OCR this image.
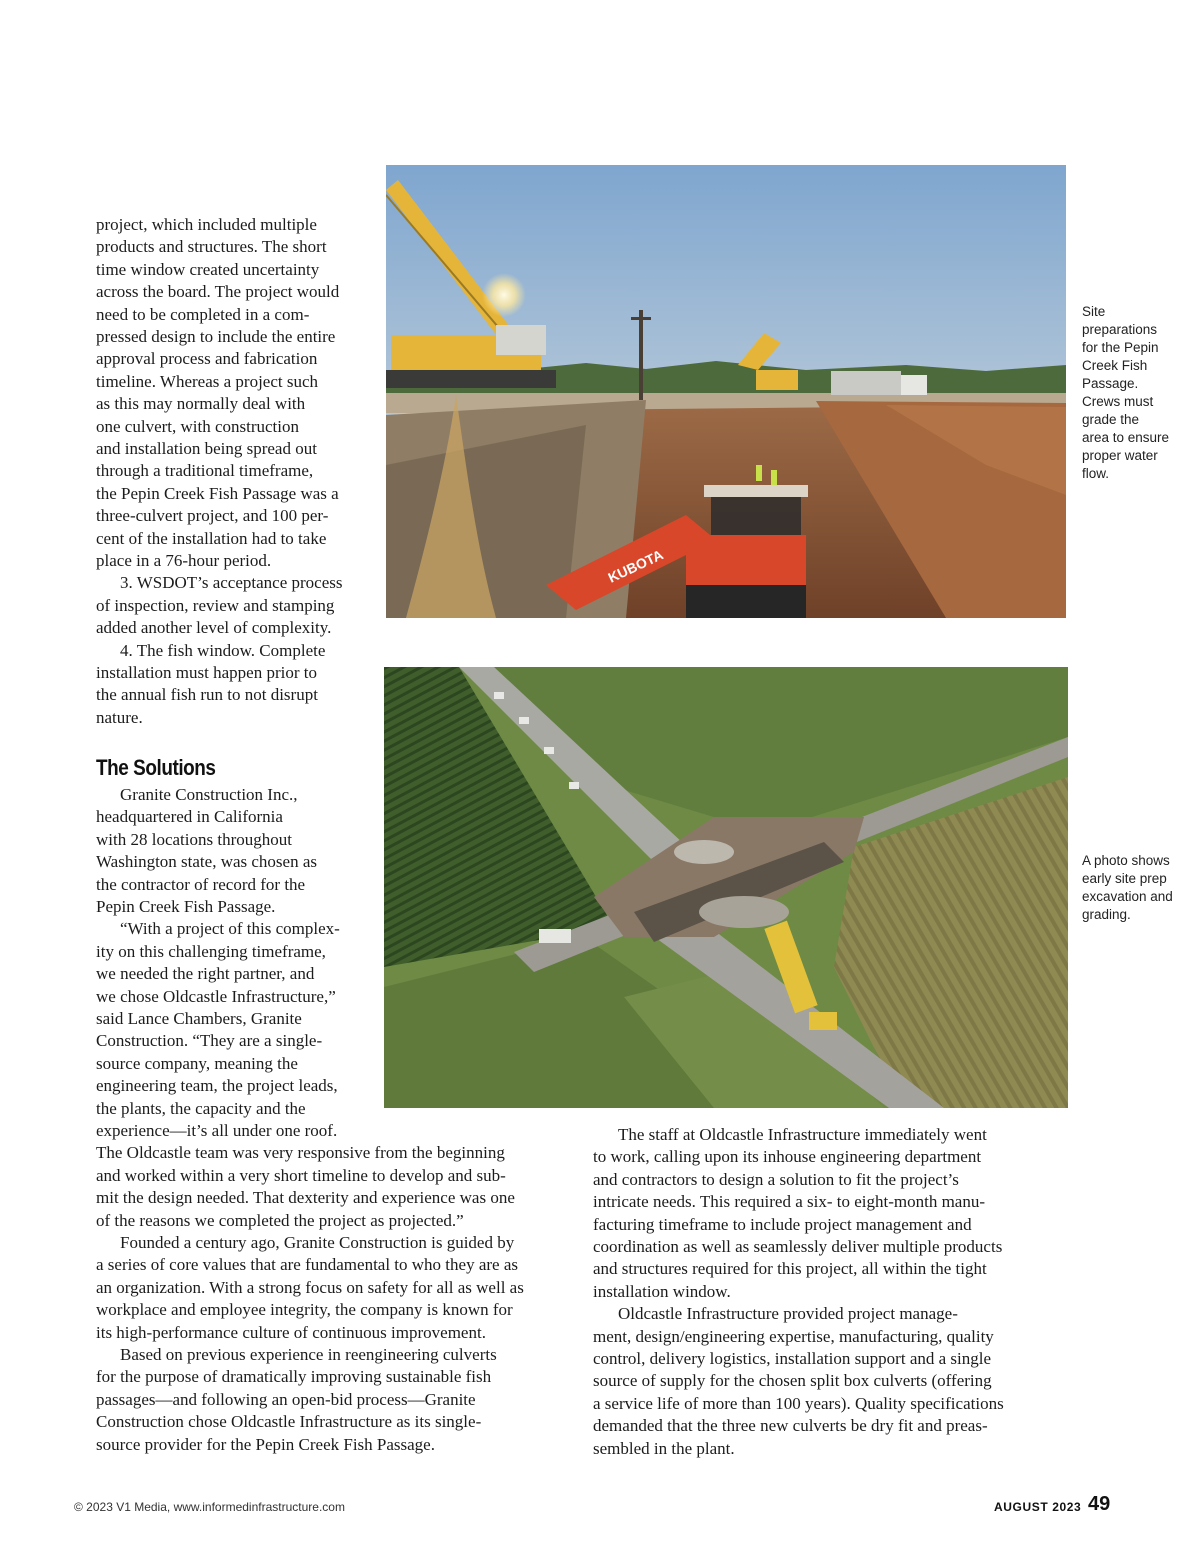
project, which included multiple
products and structures. The short
time window created uncertainty
across the board. The project would
need to be completed in a com-
pressed design to include the entire
approval process and fabrication
timeline. Whereas a project such
as this may normally deal with
one culvert, with construction
and installation being spread out
through a traditional timeframe,
the Pepin Creek Fish Passage was a
three-culvert project, and 100 per-
cent of the installation had to take
place in a 76-hour period.
3. WSDOT’s acceptance process
of inspection, review and stamping
added another level of complexity.
4. The fish window. Complete
installation must happen prior to
the annual fish run to not disrupt
nature.
The Solutions
Granite Construction Inc.,
headquartered in California
with 28 locations throughout
Washington state, was chosen as
the contractor of record for the
Pepin Creek Fish Passage.
“With a project of this complex-
ity on this challenging timeframe,
we needed the right partner, and
we chose Oldcastle Infrastructure,”
said Lance Chambers, Granite
Construction. “They are a single-
source company, meaning the
engineering team, the project leads,
the plants, the capacity and the
experience—it’s all under one roof.
The Oldcastle team was very responsive from the beginning
and worked within a very short timeline to develop and sub-
mit the design needed. That dexterity and experience was one
of the reasons we completed the project as projected.”
Founded a century ago, Granite Construction is guided by
a series of core values that are fundamental to who they are as
an organization. With a strong focus on safety for all as well as
workplace and employee integrity, the company is known for
its high-performance culture of continuous improvement.
Based on previous experience in reengineering culverts
for the purpose of dramatically improving sustainable fish
passages—and following an open-bid process—Granite
Construction chose Oldcastle Infrastructure as its single-
source provider for the Pepin Creek Fish Passage.
The staff at Oldcastle Infrastructure immediately went
to work, calling upon its inhouse engineering department
and contractors to design a solution to fit the project’s
intricate needs. This required a six- to eight-month manu-
facturing timeframe to include project management and
coordination as well as seamlessly deliver multiple products
and structures required for this project, all within the tight
installation window.
Oldcastle Infrastructure provided project manage-
ment, design/engineering expertise, manufacturing, quality
control, delivery logistics, installation support and a single
source of supply for the chosen split box culverts (offering
a service life of more than 100 years). Quality specifications
demanded that the three new culverts be dry fit and preas-
sembled in the plant.
KUBOTA
Site
preparations
for the Pepin
Creek Fish
Passage.
Crews must
grade the
area to ensure
proper water
flow.
A photo shows
early site prep
excavation and
grading.
© 2023 V1 Media, www.informedinfrastructure.com	AUGUST 2023 49
